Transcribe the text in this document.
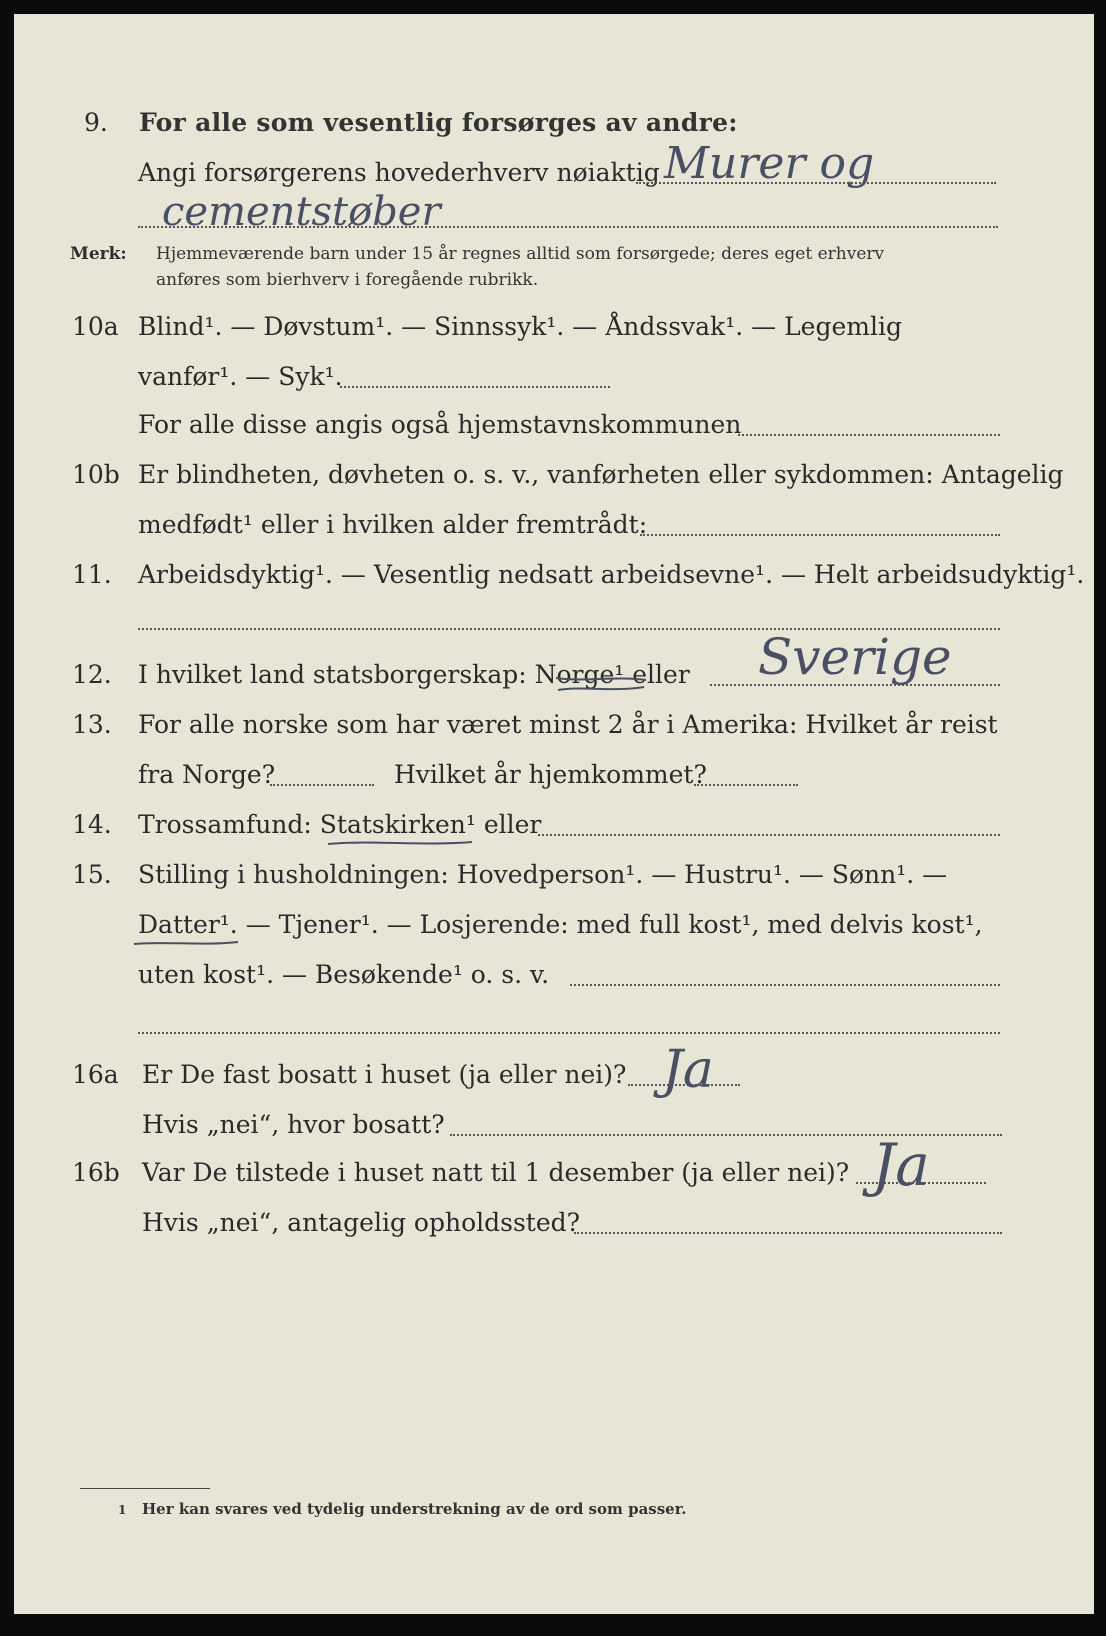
9. For alle som vesentlig forsørges av andre:
Angi forsørgerens hovederhverv nøiaktig Murer og
cementstøber
Merk: Hjemmeværende barn under 15 år regnes alltid som forsørgede; deres eget erhverv
anføres som bierhverv i foregående rubrikk.
10a Blind¹. — Døvstum¹. — Sinnssyk¹. — Åndssvak¹. — Legemlig
vanfør¹. — Syk¹.
For alle disse angis også hjemstavnskommunen
10b Er blindheten, døvheten o. s. v., vanførheten eller sykdommen: Antagelig
medfødt¹ eller i hvilken alder fremtrådt:
11. Arbeidsdyktig¹. — Vesentlig nedsatt arbeidsevne¹. — Helt arbeidsudyktig¹.
12. I hvilket land statsborgerskap: Norge¹ eller Sverige
13. For alle norske som har været minst 2 år i Amerika: Hvilket år reist
fra Norge?	Hvilket år hjemkommet?
14. Trossamfund: Statskirken¹ eller
15. Stilling i husholdningen: Hovedperson¹. — Hustru¹. — Sønn¹. —
Datter¹. — Tjener¹. — Losjerende: med full kost¹, med delvis kost¹,
uten kost¹. — Besøkende¹ o. s. v.
16a Er De fast bosatt i huset (ja eller nei)? Ja
Hvis „nei“, hvor bosatt?
16b Var De tilstede i huset natt til 1 desember (ja eller nei)? Ja
Hvis „nei“, antagelig opholdssted?
1 Her kan svares ved tydelig understrekning av de ord som passer.
